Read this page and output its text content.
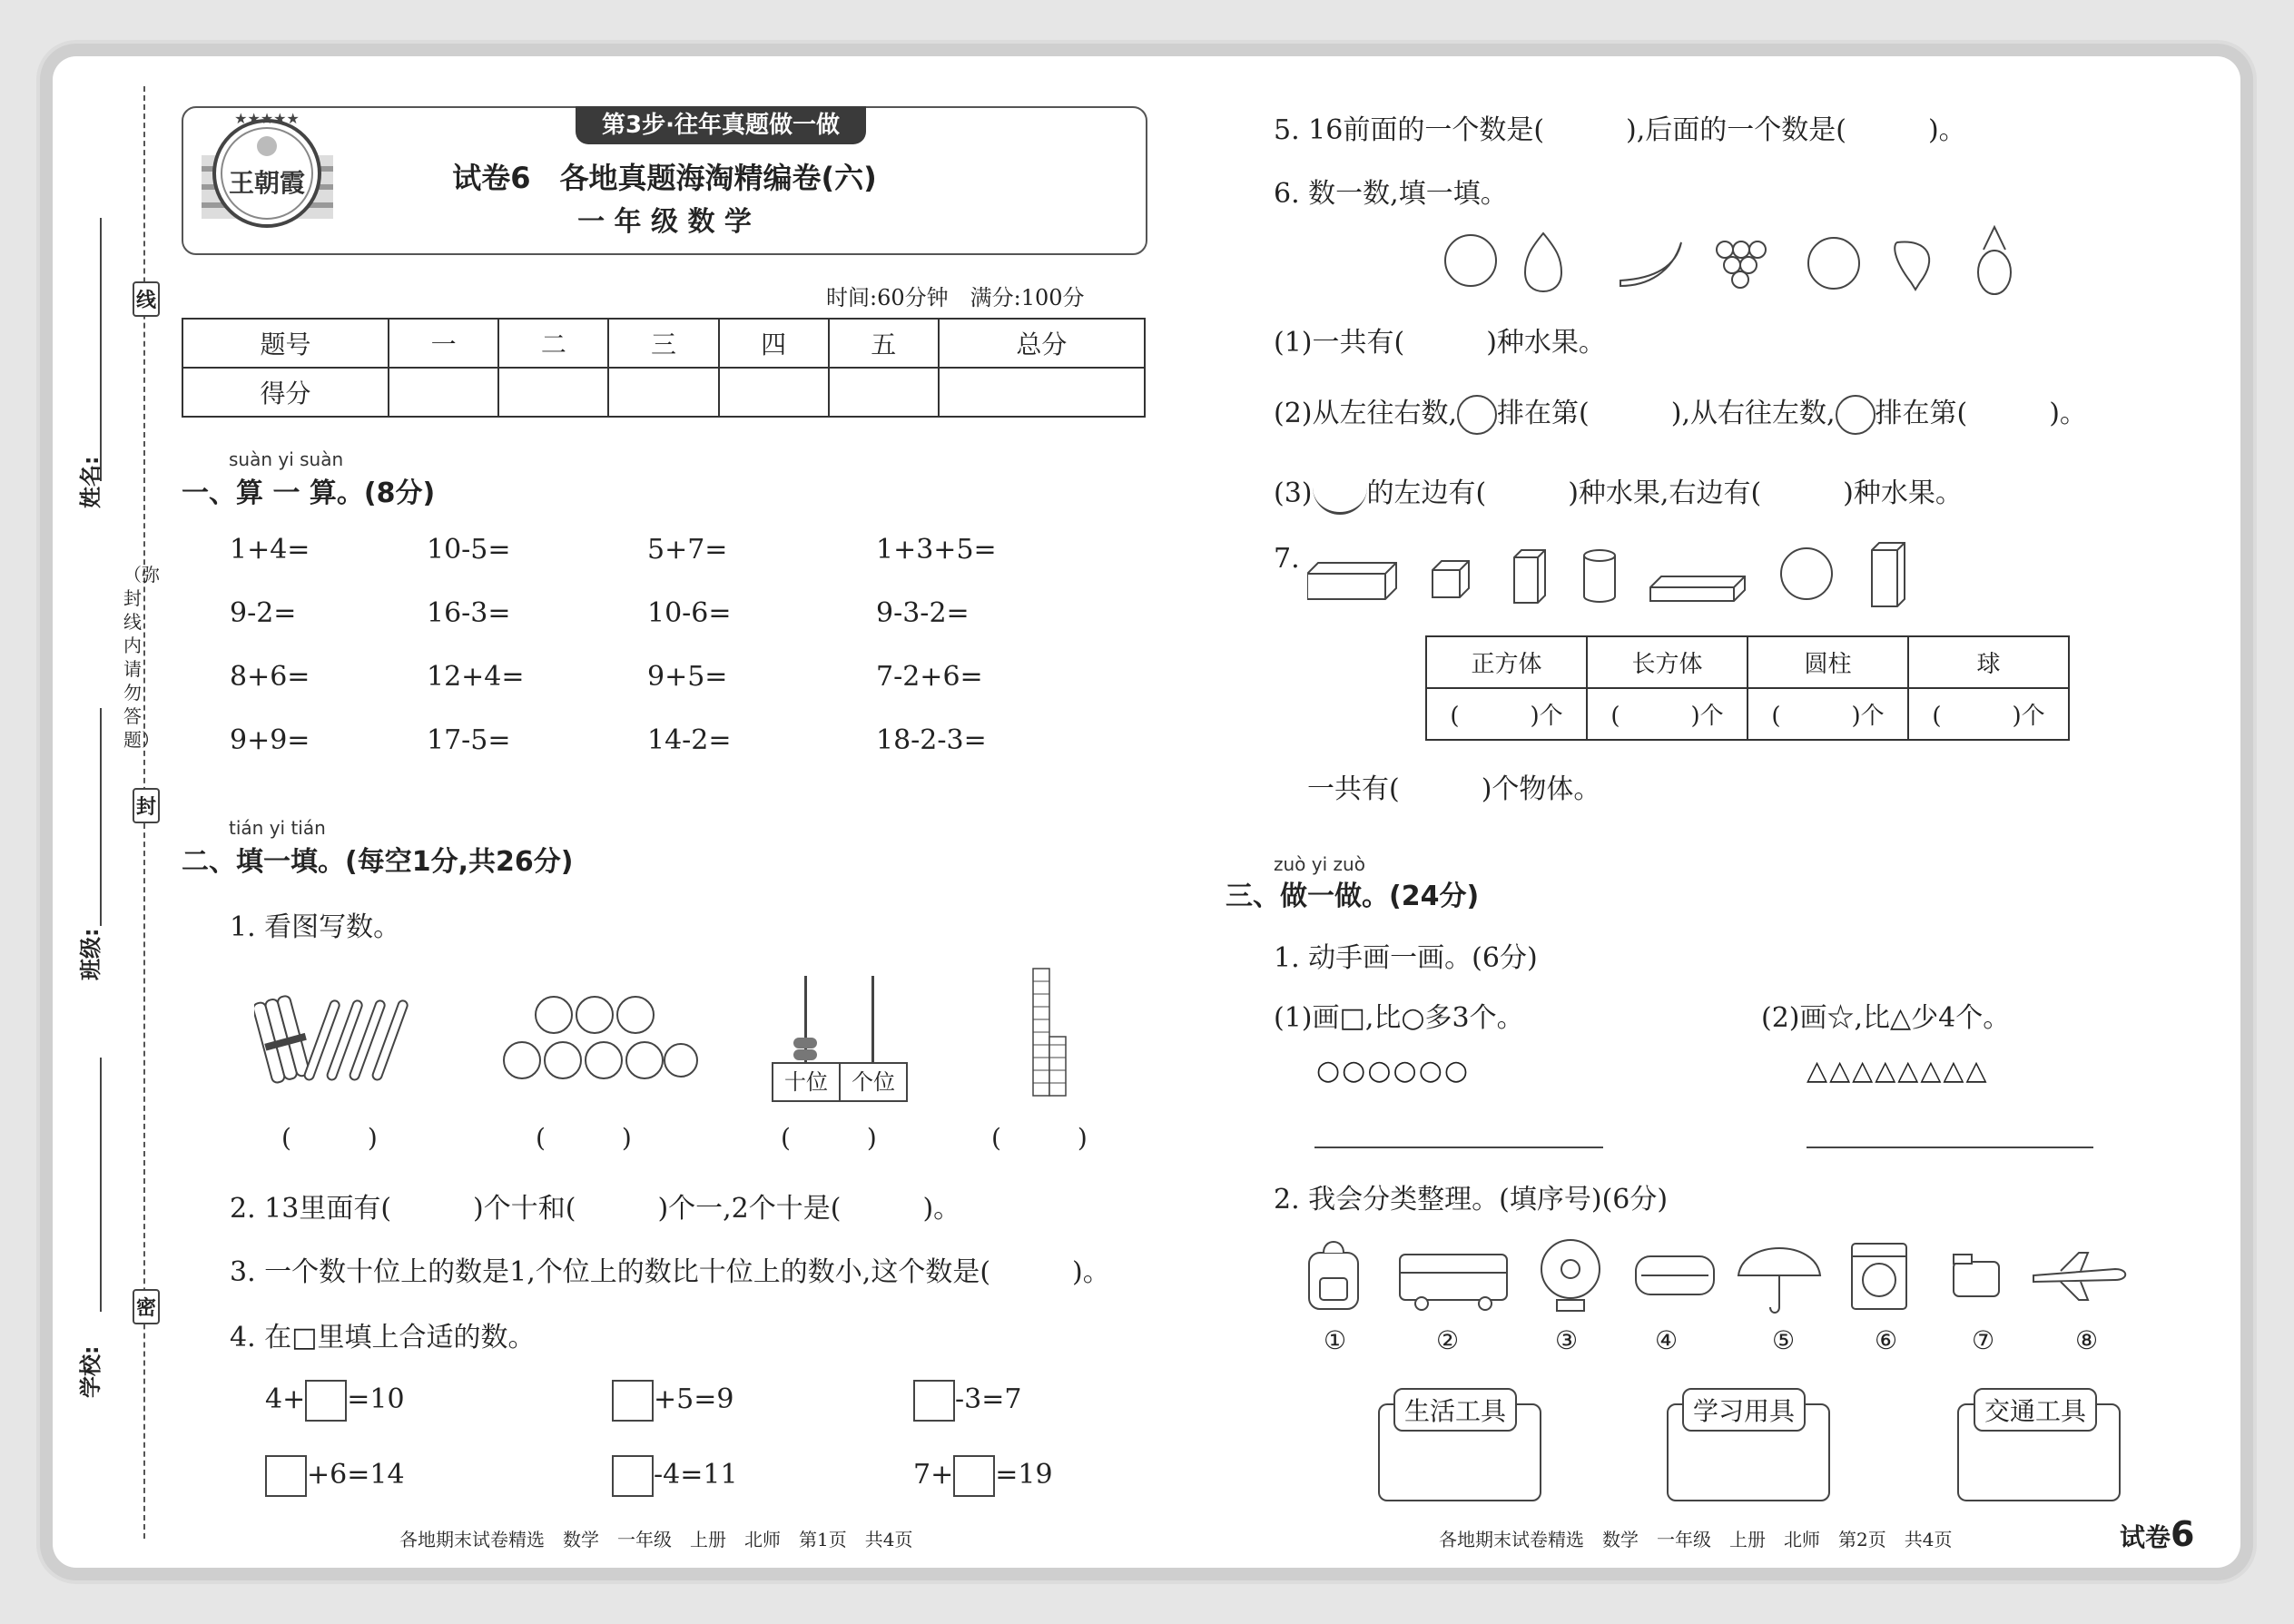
线
封
密
（弥封线内请勿答题）
姓名:
班级:
学校:
第3步·往年真题做一做
★★★★★
王朝霞	试卷6　各地真题海淘精编卷(六)
一 年 级 数 学
时间:60分钟　满分:100分
题号	一	二	三	四	五	总分
得分						
suàn yi suàn
一、算 一 算。(8分)
1+4=	10-5=	5+7=	1+3+5=
9-2=	16-3=	10-6=	9-3-2=
8+6=	12+4=	9+5=	7-2+6=
9+9=	17-5=	14-2=	18-2-3=
tián yi tián
二、填一填。(每空1分,共26分)
1. 看图写数。
十位	个位
(　　　)	(　　　)	(　　　)	(　　　)
2. 13里面有(　　　)个十和(　　　)个一,2个十是(　　　)。
3. 一个数十位上的数是1,个位上的数比十位上的数小,这个数是(　　　)。
4. 在□里填上合适的数。
4+ =10	+5=9	-3=7
+6=14	-4=11	7+ =19
各地期末试卷精选　数学　一年级　上册　北师　第1页　共4页
5. 16前面的一个数是(　　　),后面的一个数是(　　　)。
6. 数一数,填一填。
(1)一共有(　　　)种水果。
(2)从左往右数, 排在第(　　　),从右往左数, 排在第(　　　)。
(3) 的左边有(　　　)种水果,右边有(　　　)种水果。
7.
正方体	长方体	圆柱	球
(　　　)个	(　　　)个	(　　　)个	(　　　)个
一共有(　　　)个物体。
zuò yi zuò
三、做一做。(24分)
1. 动手画一画。(6分)
(1)画□,比○多3个。	(2)画☆,比△少4个。
○○○○○○	△△△△△△△△
2. 我会分类整理。(填序号)(6分)
①	②	③	④	⑤	⑥	⑦	⑧
生活工具	学习用具	交通工具
各地期末试卷精选　数学　一年级　上册　北师　第2页　共4页	试卷6
